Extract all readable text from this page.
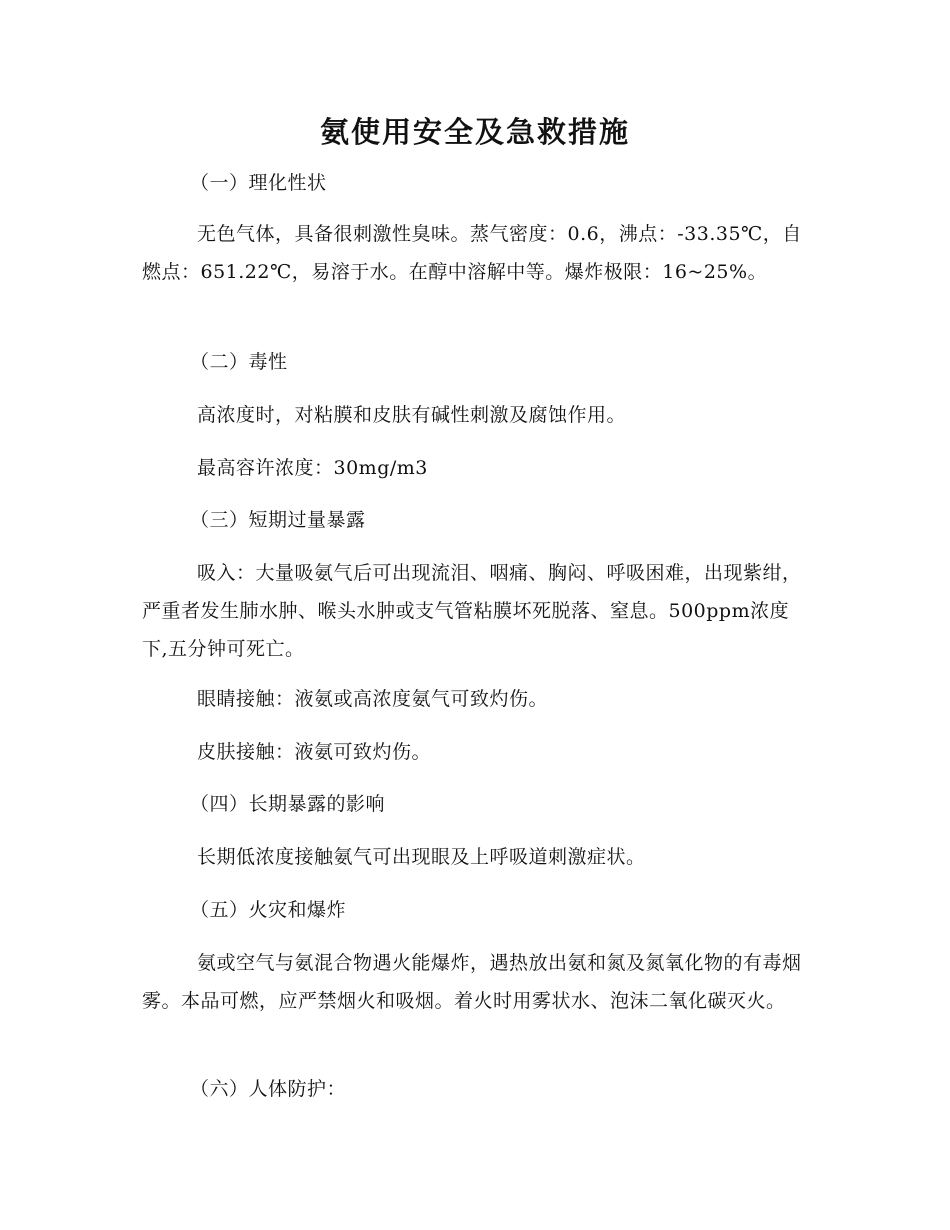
氨使用安全及急救措施

（一）理化性状

无色气体，具备很刺激性臭味。蒸气密度：0.6，沸点：-33.35℃，自燃点：651.22℃，易溶于水。在醇中溶解中等。爆炸极限：16~25%。

（二）毒性

高浓度时，对粘膜和皮肤有碱性刺激及腐蚀作用。

最高容许浓度：30mg/m3

（三）短期过量暴露

吸入：大量吸氨气后可出现流泪、咽痛、胸闷、呼吸困难，出现紫绀，严重者发生肺水肿、喉头水肿或支气管粘膜坏死脱落、窒息。500ppm浓度下,五分钟可死亡。

眼睛接触：液氨或高浓度氨气可致灼伤。

皮肤接触：液氨可致灼伤。

（四）长期暴露的影响

长期低浓度接触氨气可出现眼及上呼吸道刺激症状。

（五）火灾和爆炸

氨或空气与氨混合物遇火能爆炸，遇热放出氨和氮及氮氧化物的有毒烟雾。本品可燃，应严禁烟火和吸烟。着火时用雾状水、泡沫二氧化碳灭火。

（六）人体防护：
